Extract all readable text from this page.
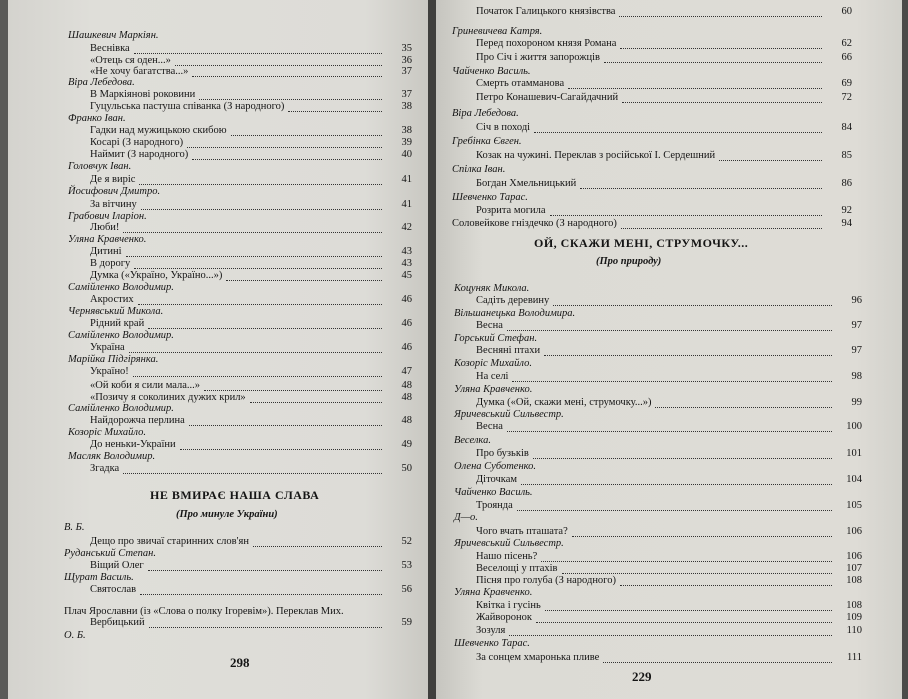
Шашкевич Маркіян.
Веснівка	35
«Отець ся оден...»	36
«Не хочу багатства...»	37
Віра Лебедова.
В Маркіяновi роковини	37
Гуцульська пастуша співанка (З народного)	38
Франко Іван.
Гадки над мужицькою скибою	38
Косарі (З народного)	39
Наймит (З народного)	40
Головчук Іван.
Де я виріс	41
Йосифович Дмитро.
За вітчину	41
Грабович Іларіон.
Люби!	42
Уляна Кравченко.
Дитині	43
В дорогу	43
Думка («Україно, Україно...»)	45
Самійленко Володимир.
Акростих	46
Чернявський Микола.
Рідний край	46
Самійленко Володимир.
Україна	46
Марійка Підгірянка.
Україно!	47
«Ой коби я сили мала...»	48
«Позичу я соколиних дужих крил»	48
Самійленко Володимир.
Найдорожча перлина	48
Козоріс Михайло.
До неньки-України	49
Масляк Володимир.
Згадка	50
В. Б.
Дещо про звичаї старинних слов'ян	52
Руданський Степан.
Віщий Олег	53
Щурат Василь.
Святослав	56
Плач Ярославни (із «Слова о полку Ігоревім»). Переклав Мих.
Вербицький	59
О. Б.
НЕ ВМИРАЄ НАША СЛАВА
(Про минуле України)
298
Початок Галицького князівства	60
Гриневичева Катря.
Перед похороном князя Романа	62
Про Січ і життя запорожців	66
Чайченко Василь.
Смерть отамманова	69
Петро Конашевич-Сагайдачний	72
Віра Лебедова.
Січ в поході	84
Гребінка Євген.
Козак на чужині. Переклав з російської І. Сердешний	85
Спілка Іван.
Богдан Хмельницький	86
Шевченко Тарас.
Розрита могила	92
Соловейкове гніздечко (З народного)	94
Коцуняк Микола.
Садіть деревину	96
Вільшанецька Володимира.
Весна	97
Горський Стефан.
Весняні птахи	97
Козоріс Михайло.
На селі	98
Уляна Кравченко.
Думка («Ой, скажи мені, струмочку...»)	99
Яричевський Сильвестр.
Весна	100
Веселка.
Про бузьків	101
Олена Суботенко.
Діточкам	104
Чайченко Василь.
Троянда	105
Д—о.
Чого вчать пташата?	106
Яричевський Сильвестр.
Нашо пісень?	106
Веселощі у птахів	107
Пісня про голуба (З народного)	108
Уляна Кравченко.
Квітка і гусінь	108
Жайворонок	109
Зозуля	110
Шевченко Тарас.
За сонцем хмаронька пливе	111
ОЙ, СКАЖИ МЕНІ, СТРУМОЧКУ...
(Про природу)
229
